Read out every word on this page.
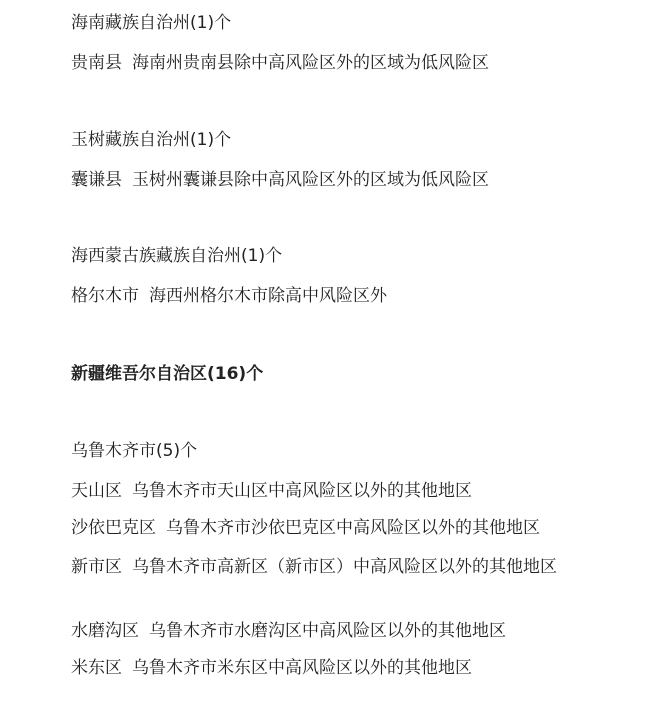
海南藏族自治州(1)个
贵南县 海南州贵南县除中高风险区外的区域为低风险区
玉树藏族自治州(1)个
囊谦县 玉树州囊谦县除中高风险区外的区域为低风险区
海西蒙古族藏族自治州(1)个
格尔木市 海西州格尔木市除高中风险区外
新疆维吾尔自治区(16)个
乌鲁木齐市(5)个
天山区 乌鲁木齐市天山区中高风险区以外的其他地区
沙依巴克区 乌鲁木齐市沙依巴克区中高风险区以外的其他地区
新市区 乌鲁木齐市高新区（新市区）中高风险区以外的其他地区
水磨沟区 乌鲁木齐市水磨沟区中高风险区以外的其他地区
米东区 乌鲁木齐市米东区中高风险区以外的其他地区
